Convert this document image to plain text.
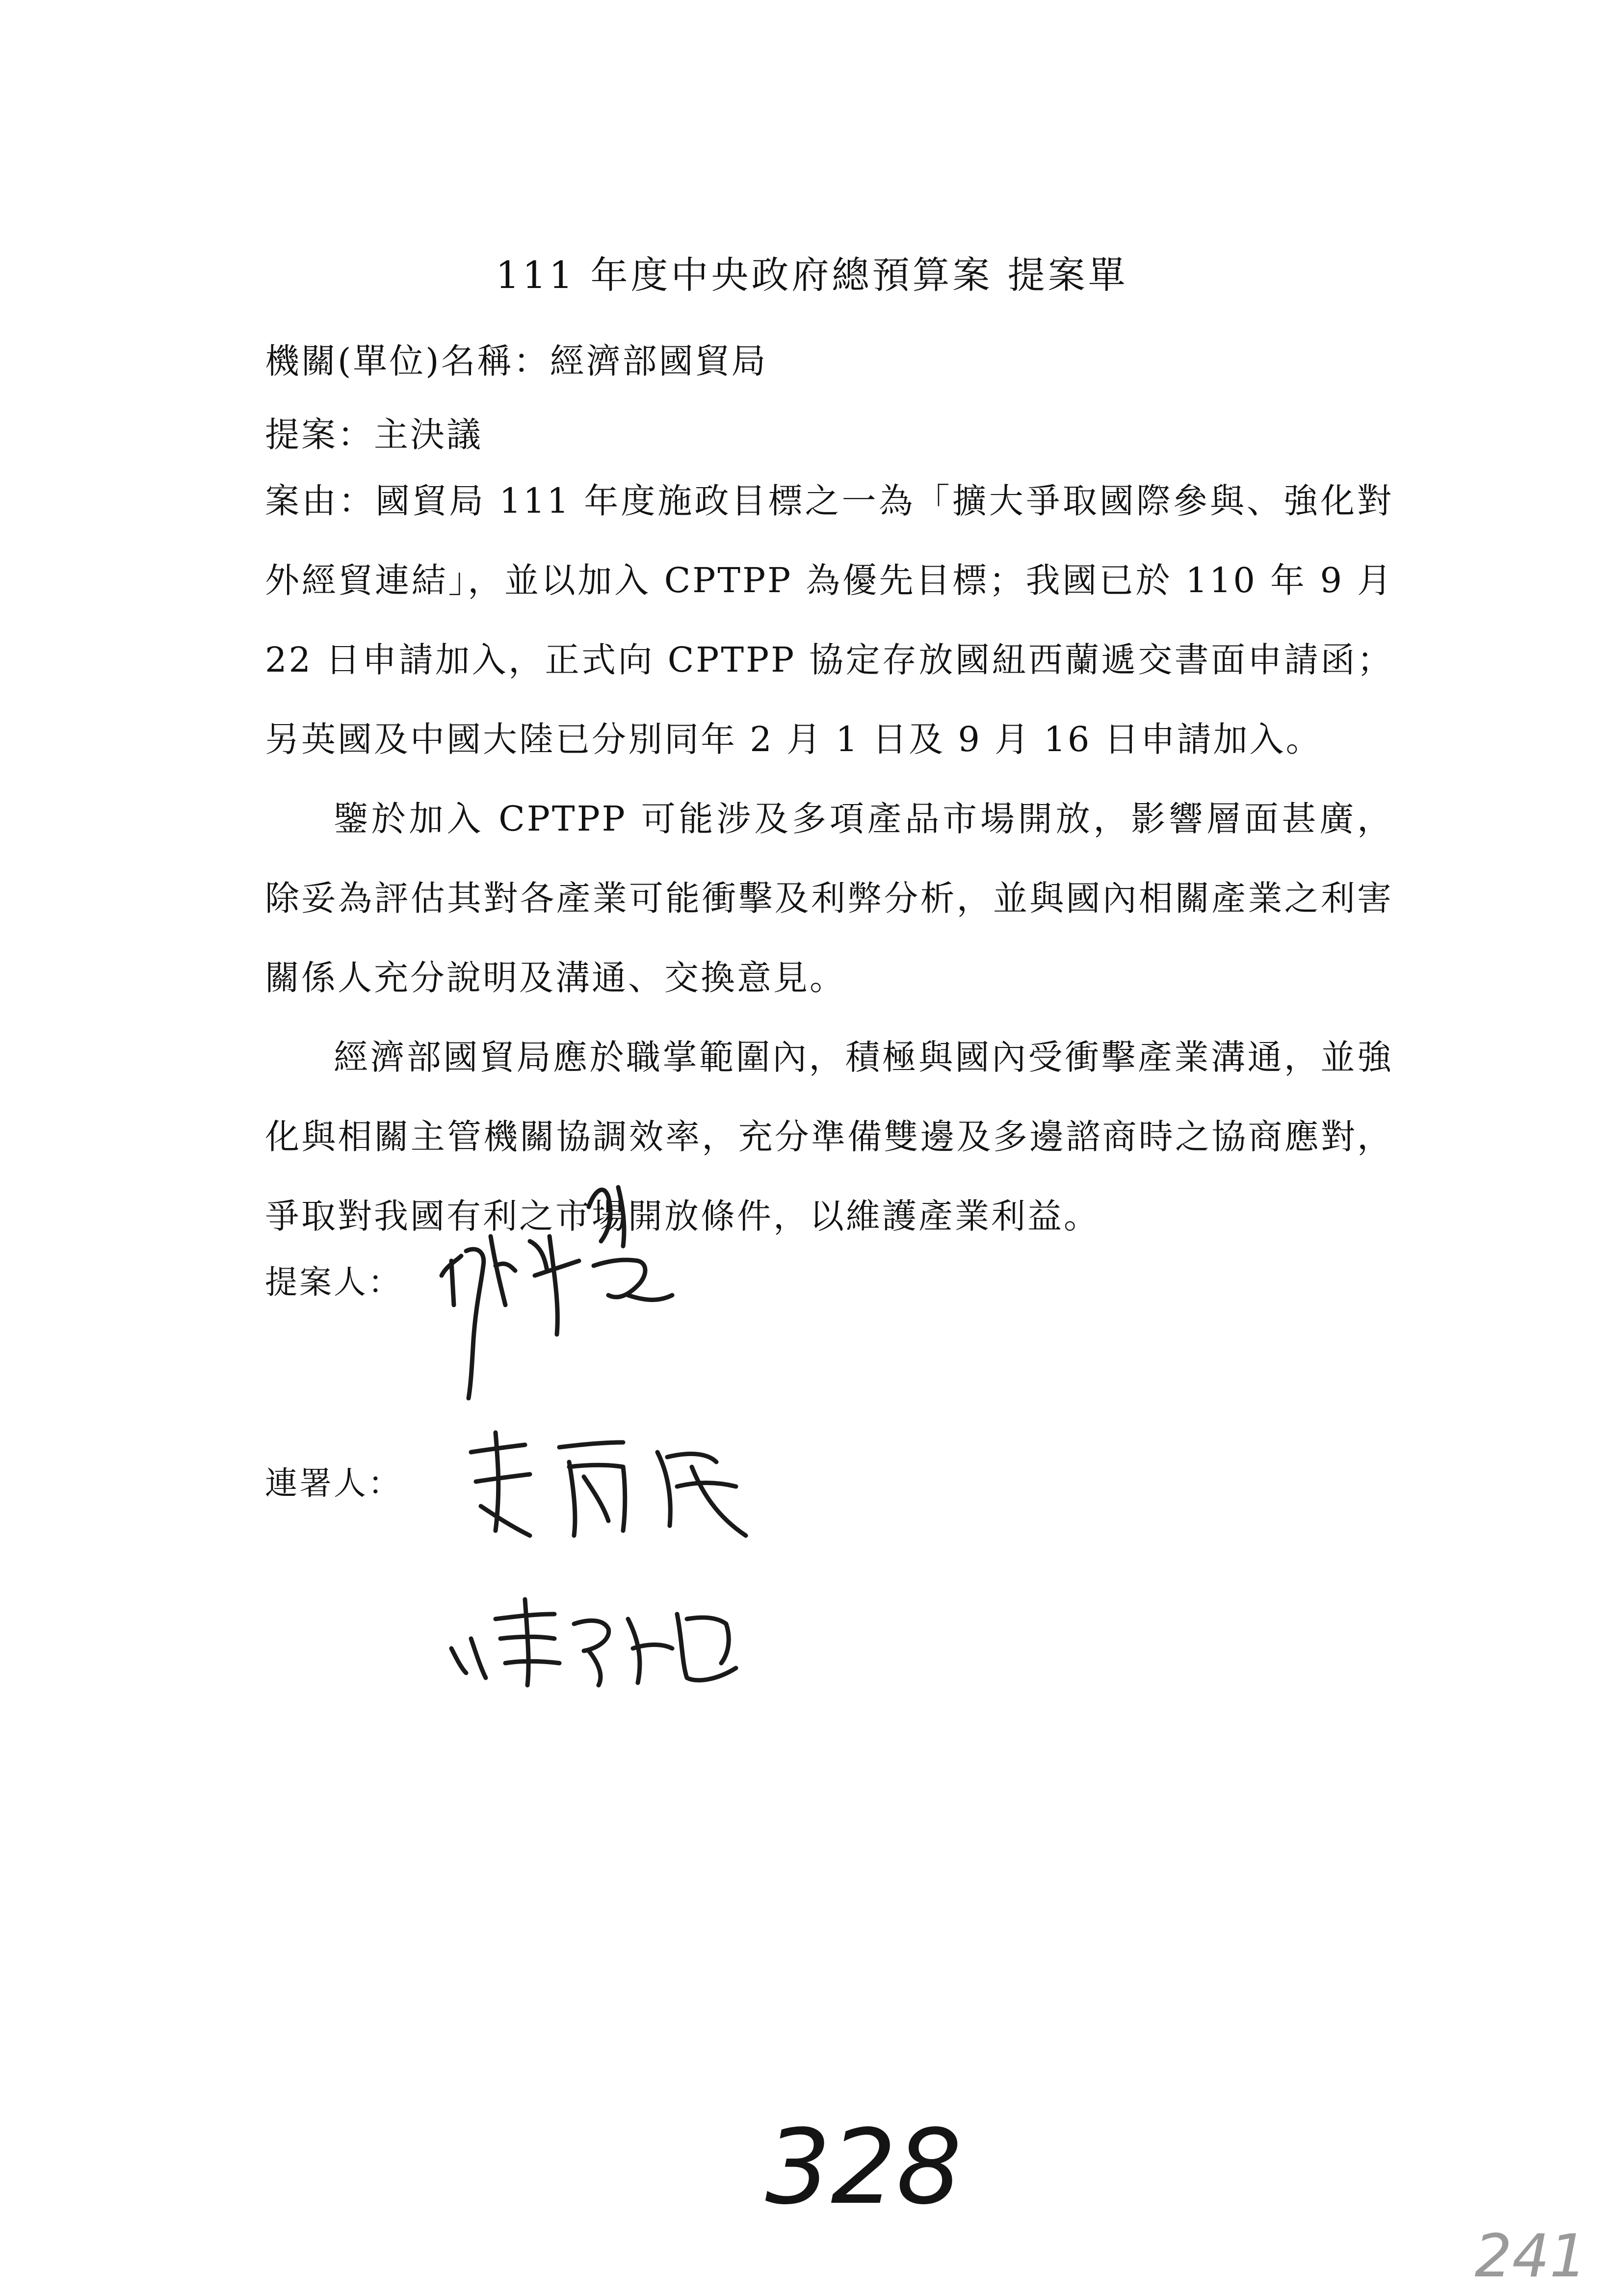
111 年度中央政府總預算案 提案單
機關(單位)名稱：經濟部國貿局
提案：主決議

案由：國貿局 111 年度施政目標之一為「擴大爭取國際參與、強化對外經貿連結」，並以加入 CPTPP 為優先目標；我國已於 110 年 9 月 22 日申請加入，正式向 CPTPP 協定存放國紐西蘭遞交書面申請函；另英國及中國大陸已分別同年 2 月 1 日及 9 月 16 日申請加入。

鑒於加入 CPTPP 可能涉及多項產品市場開放，影響層面甚廣，除妥為評估其對各產業可能衝擊及利弊分析，並與國內相關產業之利害關係人充分說明及溝通、交換意見。

經濟部國貿局應於職掌範圍內，積極與國內受衝擊產業溝通，並強化與相關主管機關協調效率，充分準備雙邊及多邊諮商時之協商應對，爭取對我國有利之市場開放條件，以維護產業利益。

提案人：
連署人：
328
241
